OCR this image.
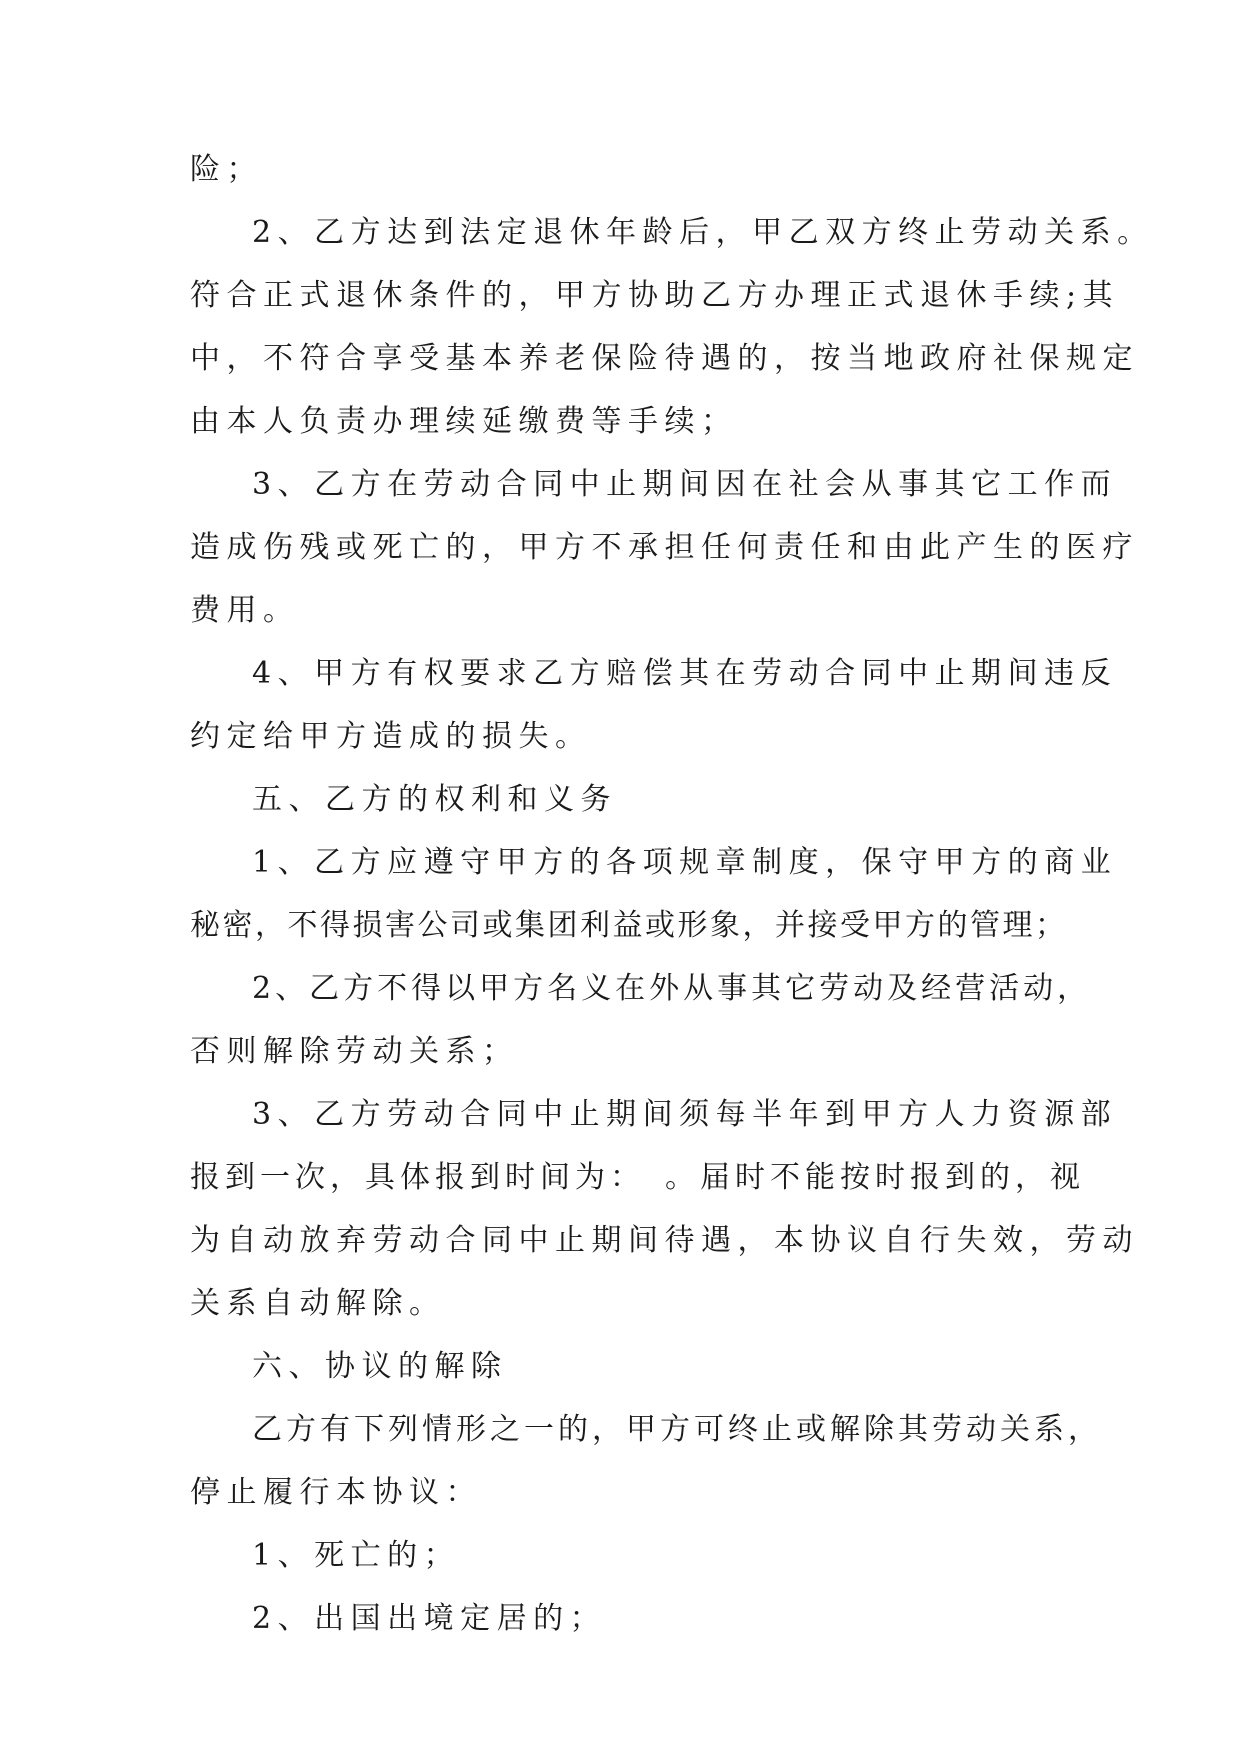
险；
2、乙方达到法定退休年龄后，甲乙双方终止劳动关系。
符合正式退休条件的，甲方协助乙方办理正式退休手续;其
中，不符合享受基本养老保险待遇的，按当地政府社保规定
由本人负责办理续延缴费等手续；
3、乙方在劳动合同中止期间因在社会从事其它工作而
造成伤残或死亡的，甲方不承担任何责任和由此产生的医疗
费用。
4、甲方有权要求乙方赔偿其在劳动合同中止期间违反
约定给甲方造成的损失。
五、乙方的权利和义务
1、乙方应遵守甲方的各项规章制度，保守甲方的商业
秘密，不得损害公司或集团利益或形象，并接受甲方的管理；
2、乙方不得以甲方名义在外从事其它劳动及经营活动，
否则解除劳动关系；
3、乙方劳动合同中止期间须每半年到甲方人力资源部
报到一次，具体报到时间为：　。届时不能按时报到的，视
为自动放弃劳动合同中止期间待遇，本协议自行失效，劳动
关系自动解除。
六、协议的解除
乙方有下列情形之一的，甲方可终止或解除其劳动关系，
停止履行本协议：
1、死亡的；
2、出国出境定居的；
